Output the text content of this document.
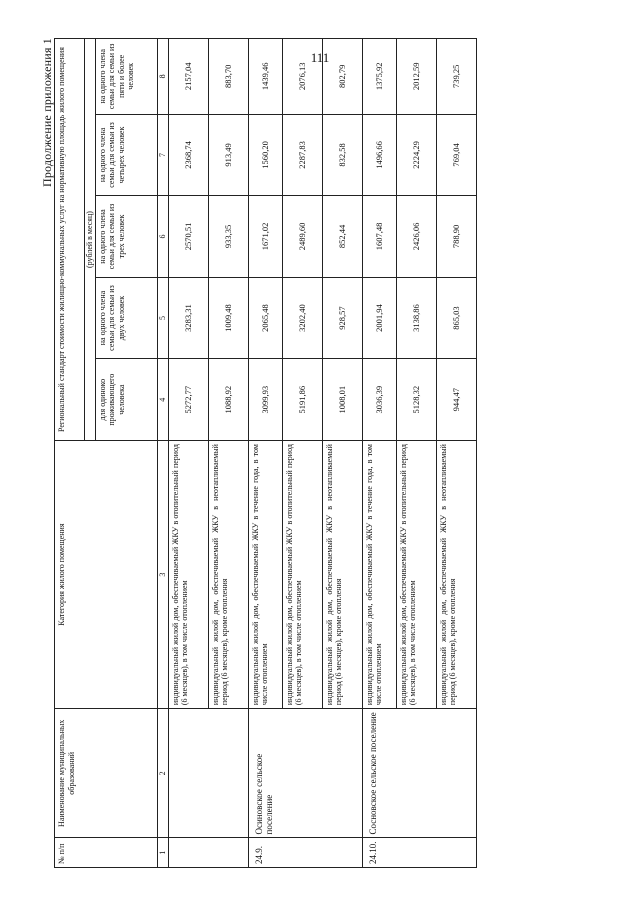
111
Продолжение приложения 1
№ п/п	Наименование муниципальных образований	Категория жилого помещения	Региональный стандарт стоимости жилищно-коммунальных услуг на нормативную площадь жилого помещения				
			(рублей в месяц)				
			для одиноко проживающего человека	на одного члена семьи для семьи из двух человек	на одного члена семьи для семьи из трех человек	на одного члена семьи для семьи из четырех человек	на одного члена семьи для семьи из пяти и более человек
1	2	3	4	5	6	7	8
		индивидуальный жилой дом, обеспечиваемый ЖКУ в отопительный период (6 месяцев), в том числе отоплением	5272,77	3283,31	2570,51	2368,74	2157,04
		индивидуальный жилой дом, обеспечиваемый ЖКУ в неотапливаемый период (6 месяцев), кроме отопления	1088,92	1009,48	933,35	913,49	883,70
24.9.	Осиновское сельское поселение	индивидуальный жилой дом, обеспечиваемый ЖКУ в течение года, в том числе отоплением	3099,93	2065,48	1671,02	1560,20	1439,46
		индивидуальный жилой дом, обеспечиваемый ЖКУ в отопительный период (6 месяцев), в том числе отоплением	5191,86	3202,40	2489,60	2287,83	2076,13
		индивидуальный жилой дом, обеспечиваемый ЖКУ в неотапливаемый период (6 месяцев), кроме отопления	1008,01	928,57	852,44	832,58	802,79
24.10.	Сосновское сельское поселение	индивидуальный жилой дом, обеспечиваемый ЖКУ в течение года, в том числе отоплением	3036,39	2001,94	1607,48	1496,66	1375,92
		индивидуальный жилой дом, обеспечиваемый ЖКУ в отопительный период (6 месяцев), в том числе отоплением	5128,32	3138,86	2426,06	2224,29	2012,59
		индивидуальный жилой дом, обеспечиваемый ЖКУ в неотапливаемый период (6 месяцев), кроме отопления	944,47	865,03	788,90	769,04	739,25
